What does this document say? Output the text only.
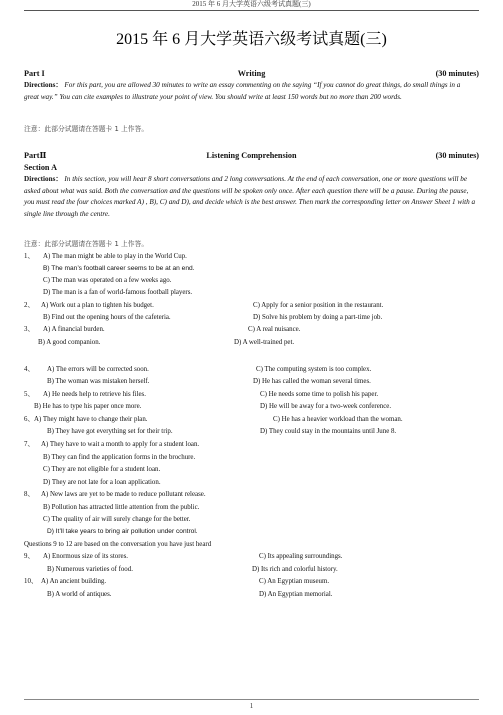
2015 年 6 月大学英语六级考试真题(三)
2015 年 6 月大学英语六级考试真题(三)
Part I	Writing	(30 minutes)
Directions： For this part, you are allowed 30 minutes to write an essay commenting on the saying “If you cannot do great things, do small things in a great way.” You can cite examples to illustrate your point of view. You should write at least 150 words but no more than 200 words.
注意：此部分试题请在答题卡 1 上作答。
PartⅡ	Listening Comprehension	(30 minutes)
Section A
Directions： In this section, you will hear 8 short conversations and 2 long conversations. At the end of each conversation, one or more questions will be asked about what was said. Both the conversation and the questions will be spoken only once. After each question there will be a pause. During the pause, you must read the four choices marked A) , B), C) and D), and decide which is the best answer. Then mark the corresponding letter on Answer Sheet 1 with a single line through the centre.
注意：此部分试题请在答题卡 1 上作答。
1、 A) The man might be able to play in the World Cup.
B) The man’s football career seems to be at an end.
C) The man was operated on a few weeks ago.
D) The man is a fan of world-famous football players.
2、 A) Work out a plan to tighten his budget.	C) Apply for a senior position in the restaurant.
B) Find out the opening hours of the cafeteria.	D) Solve his problem by doing a part-time job.
3、 A) A financial burden.	C) A real nuisance.
B) A good companion.	D) A well-trained pet.
4、 A) The errors will be corrected soon.	C) The computing system is too complex.
B) The woman was mistaken herself.	D) He has called the woman several times.
5、 A) He needs help to retrieve his files.	C) He needs some time to polish his paper.
B) He has to type his paper once more.	D) He will be away for a two-week conference.
6、 A) They might have to change their plan.	C) He has a heavier workload than the woman.
B) They have got everything set for their trip.	D) They could stay in the mountains until June 8.
7、 A) They have to wait a month to apply for a student loan.
B) They can find the application forms in the brochure.
C) They are not eligible for a student loan.
D) They are not late for a loan application.
8、 A) New laws are yet to be made to reduce pollutant release.
B) Pollution has attracted little attention from the public.
C) The quality of air will surely change for the better.
D) It’ll take years to bring air pollution under control.
Questions 9 to 12 are based on the conversation you have just heard
9、 A) Enormous size of its stores.	C) Its appealing surroundings.
B) Numerous varieties of food.	D) Its rich and colorful history.
10、 A) An ancient building.	C) An Egyptian museum.
B) A world of antiques.	D) An Egyptian memorial.
1
